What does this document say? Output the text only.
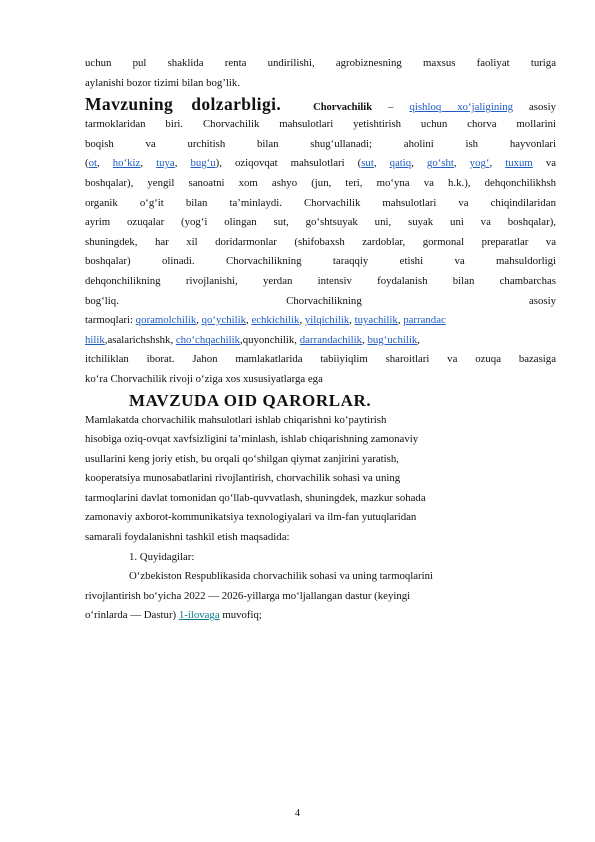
uchun pul shaklida renta undirilishi, agrobiznesning maxsus faoliyat turiga
aylanishi bozor tizimi bilan bog’lik.
Mavzuning dolzarbligi.	Chorvachilik – qishloq xo‘jaligining asosiy
tarmoklaridan biri. Chorvachilik mahsulotlari yetishtirish uchun chorva mollarini
boqish va urchitish bilan shug‘ullanadi; aholini ish hayvonlari
(ot, ho‘kiz, tuya, bug‘u), oziqovqat mahsulotlari (sut, qatiq, go‘sht, yog‘, tuxum va
boshqalar), yengil sanoatni xom ashyo (jun, teri, mo‘yna va h.k.), dehqonchilikhsh
organik o‘g‘it bilan ta’minlaydi. Chorvachilik mahsulotlari va chiqindilaridan
ayrim ozuqalar (yog‘i olingan sut, go‘shtsuyak uni, suyak uni va boshqalar),
shuningdek, har xil doridarmonlar (shifobaxsh zardoblar, gormonal preparatlar va
boshqalar) olinadi. Chorvachilikning taraqqiy etishi va mahsuldorligi
dehqonchilikning rivojlanishi, yerdan intensiv foydalanish bilan chambarchas
bog‘liq.	Chorvachilikning	asosiy
tarmoqlari: qoramolchilik, qo‘ychilik, echkichilik, yilqichilik, tuyachilik, parrandac
hilik,asalarichshshk, cho‘chqachilik,quyonchilik, darrandachilik, bug‘uchilik,
itchiliklan iborat. Jahon mamlakatlarida tabiiyiqlim sharoitlari va ozuqa bazasiga
ko‘ra Chorvachilik rivoji o‘ziga xos xususiyatlarga ega
MAVZUDA OID QARORLAR.
Mamlakatda chorvachilik mahsulotlari ishlab chiqarishni ko‘paytirish
hisobiga oziq-ovqat xavfsizligini ta’minlash, ishlab chiqarishning zamonaviy
usullarini keng joriy etish, bu orqali qo‘shilgan qiymat zanjirini yaratish,
kooperatsiya munosabatlarini rivojlantirish, chorvachilik sohasi va uning
tarmoqlarini davlat tomonidan qo‘llab-quvvatlash, shuningdek, mazkur sohada
zamonaviy axborot-kommunikatsiya texnologiyalari va ilm-fan yutuqlaridan
samarali foydalanishni tashkil etish maqsadida:
1. Quyidagilar:
O‘zbekiston Respublikasida chorvachilik sohasi va uning tarmoqlarini
rivojlantirish bo‘yicha 2022 — 2026-yillarga mo‘ljallangan dastur (keyingi
o‘rinlarda — Dastur) 1-ilovaga muvofiq;
4
